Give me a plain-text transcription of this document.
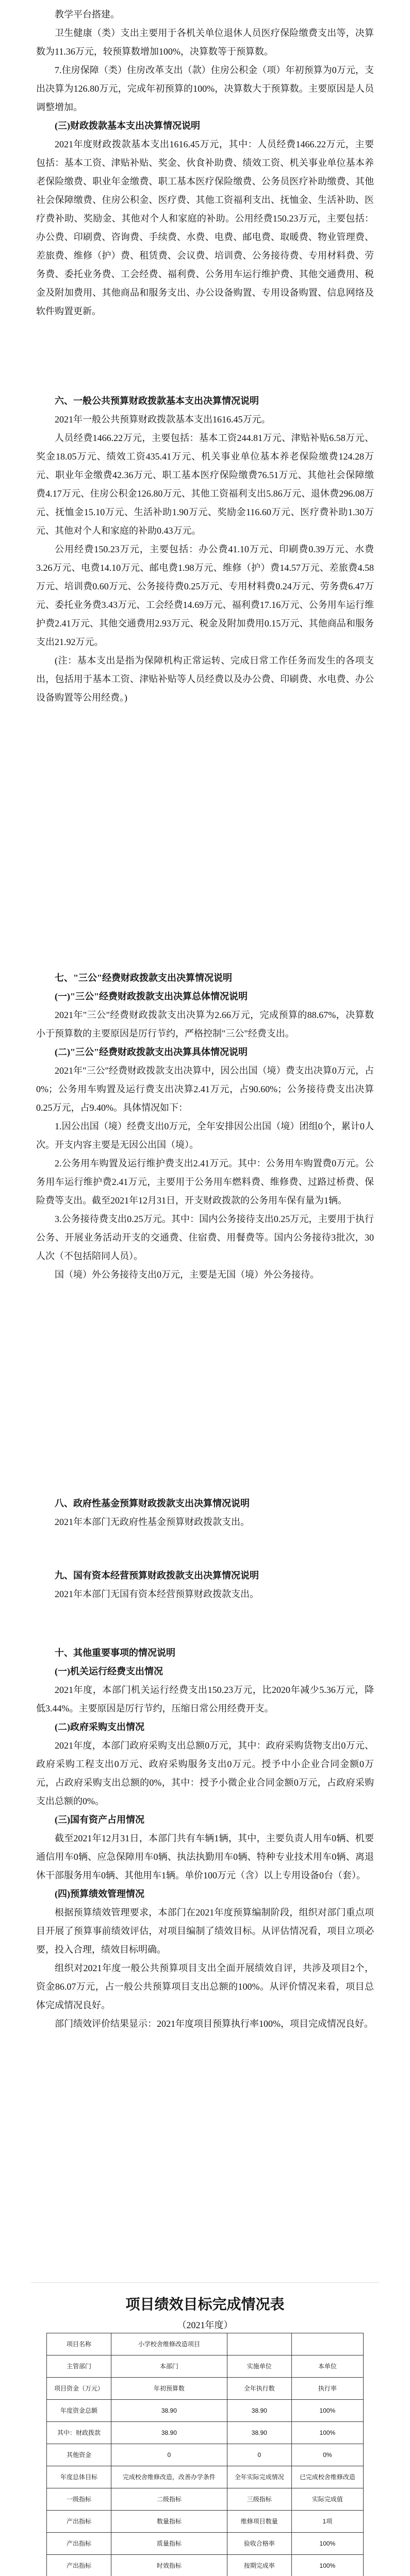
教学平台搭建。

卫生健康（类）支出主要用于各机关单位退休人员医疗保险缴费支出等，决算数为11.36万元，较预算数增加100%，决算数等于预算数。

7.住房保障（类）住房改革支出（款）住房公积金（项）年初预算为0万元，支出决算为126.80万元，完成年初预算的100%，决算数大于预算数。主要原因是人员调整增加。

(三)财政拨款基本支出决算情况说明

2021年度财政拨款基本支出1616.45万元，其中：人员经费1466.22万元，主要包括：基本工资、津贴补贴、奖金、伙食补助费、绩效工资、机关事业单位基本养老保险缴费、职业年金缴费、职工基本医疗保险缴费、公务员医疗补助缴费、其他社会保障缴费、住房公积金、医疗费、其他工资福利支出、抚恤金、生活补助、医疗费补助、奖励金、其他对个人和家庭的补助。公用经费150.23万元，主要包括：办公费、印刷费、咨询费、手续费、水费、电费、邮电费、取暖费、物业管理费、差旅费、维修（护）费、租赁费、会议费、培训费、公务接待费、专用材料费、劳务费、委托业务费、工会经费、福利费、公务用车运行维护费、其他交通费用、税金及附加费用、其他商品和服务支出、办公设备购置、专用设备购置、信息网络及软件购置更新。

六、一般公共预算财政拨款基本支出决算情况说明

2021年一般公共预算财政拨款基本支出1616.45万元。

人员经费1466.22万元，主要包括：基本工资244.81万元、津贴补贴6.58万元、奖金18.05万元、绩效工资435.41万元、机关事业单位基本养老保险缴费124.28万元、职业年金缴费42.36万元、职工基本医疗保险缴费76.51万元、其他社会保障缴费4.17万元、住房公积金126.80万元、其他工资福利支出5.86万元、退休费296.08万元、抚恤金15.10万元、生活补助1.90万元、奖励金116.60万元、医疗费补助1.30万元、其他对个人和家庭的补助0.43万元。

公用经费150.23万元，主要包括：办公费41.10万元、印刷费0.39万元、水费3.26万元、电费14.10万元、邮电费1.98万元、维修（护）费14.57万元、差旅费4.58万元、培训费0.60万元、公务接待费0.25万元、专用材料费0.24万元、劳务费6.47万元、委托业务费3.43万元、工会经费14.69万元、福利费17.16万元、公务用车运行维护费2.41万元、其他交通费用2.93万元、税金及附加费用0.15万元、其他商品和服务支出21.92万元。

(注：基本支出是指为保障机构正常运转、完成日常工作任务而发生的各项支出，包括用于基本工资、津贴补贴等人员经费以及办公费、印刷费、水电费、办公设备购置等公用经费。)

七、"三公"经费财政拨款支出决算情况说明
(一)"三公"经费财政拨款支出决算总体情况说明

2021年"三公"经费财政拨款支出决算为2.66万元，完成预算的88.67%，决算数小于预算数的主要原因是厉行节约，严格控制"三公"经费支出。

(二)"三公"经费财政拨款支出决算具体情况说明

2021年"三公"经费财政拨款支出决算中，因公出国（境）费支出决算0万元，占0%；公务用车购置及运行费支出决算2.41万元，占90.60%；公务接待费支出决算0.25万元，占9.40%。具体情况如下：

1.因公出国（境）经费支出0万元，全年安排因公出国（境）团组0个，累计0人次。开支内容主要是无因公出国（境）。

2.公务用车购置及运行维护费支出2.41万元。其中：公务用车购置费0万元。公务用车运行维护费2.41万元，主要用于公务用车燃料费、维修费、过路过桥费、保险费等支出。截至2021年12月31日，开支财政拨款的公务用车保有量为1辆。

3.公务接待费支出0.25万元。其中：国内公务接待支出0.25万元，主要用于执行公务、开展业务活动开支的交通费、住宿费、用餐费等。国内公务接待3批次，30人次（不包括陪同人员）。

国（境）外公务接待支出0万元，主要是无国（境）外公务接待。

八、政府性基金预算财政拨款支出决算情况说明

2021年本部门无政府性基金预算财政拨款支出。

九、国有资本经营预算财政拨款支出决算情况说明

2021年本部门无国有资本经营预算财政拨款支出。

十、其他重要事项的情况说明
(一)机关运行经费支出情况

2021年度，本部门机关运行经费支出150.23万元，比2020年减少5.36万元，降低3.44%。主要原因是厉行节约，压缩日常公用经费开支。

(二)政府采购支出情况

2021年度，本部门政府采购支出总额0万元，其中：政府采购货物支出0万元、政府采购工程支出0万元、政府采购服务支出0万元。授予中小企业合同金额0万元，占政府采购支出总额的0%，其中：授予小微企业合同金额0万元，占政府采购支出总额的0%。

(三)国有资产占用情况

截至2021年12月31日，本部门共有车辆1辆，其中，主要负责人用车0辆、机要通信用车0辆、应急保障用车0辆、执法执勤用车0辆、特种专业技术用车0辆、离退休干部服务用车0辆、其他用车1辆。单价100万元（含）以上专用设备0台（套）。

(四)预算绩效管理情况

根据预算绩效管理要求，本部门在2021年度预算编制阶段，组织对部门重点项目开展了预算事前绩效评估，对项目编制了绩效目标。从评估情况看，项目立项必要，投入合理，绩效目标明确。

组织对2021年度一般公共预算项目支出全面开展绩效自评，共涉及项目2个，资金86.07万元，占一般公共预算项目支出总额的100%。从评价情况来看，项目总体完成情况良好。

部门绩效评价结果显示：2021年度项目预算执行率100%，项目完成情况良好。

项目绩效目标完成情况表
（2021年度）
项目名称	小学校舍维修改造项目		
主管部门	本部门	实施单位	本单位
项目资金（万元）	年初预算数	全年执行数	执行率
年度资金总额	38.90	38.90	100%
其中：财政拨款	38.90	38.90	100%
其他资金	0	0	0%
年度总体目标	完成校舍维修改造，改善办学条件	全年实际完成情况	已完成校舍维修改造
一级指标	二级指标	三级指标	实际完成值
产出指标	数量指标	维修项目数量	1项
产出指标	质量指标	验收合格率	100%
产出指标	时效指标	按期完成率	100%
